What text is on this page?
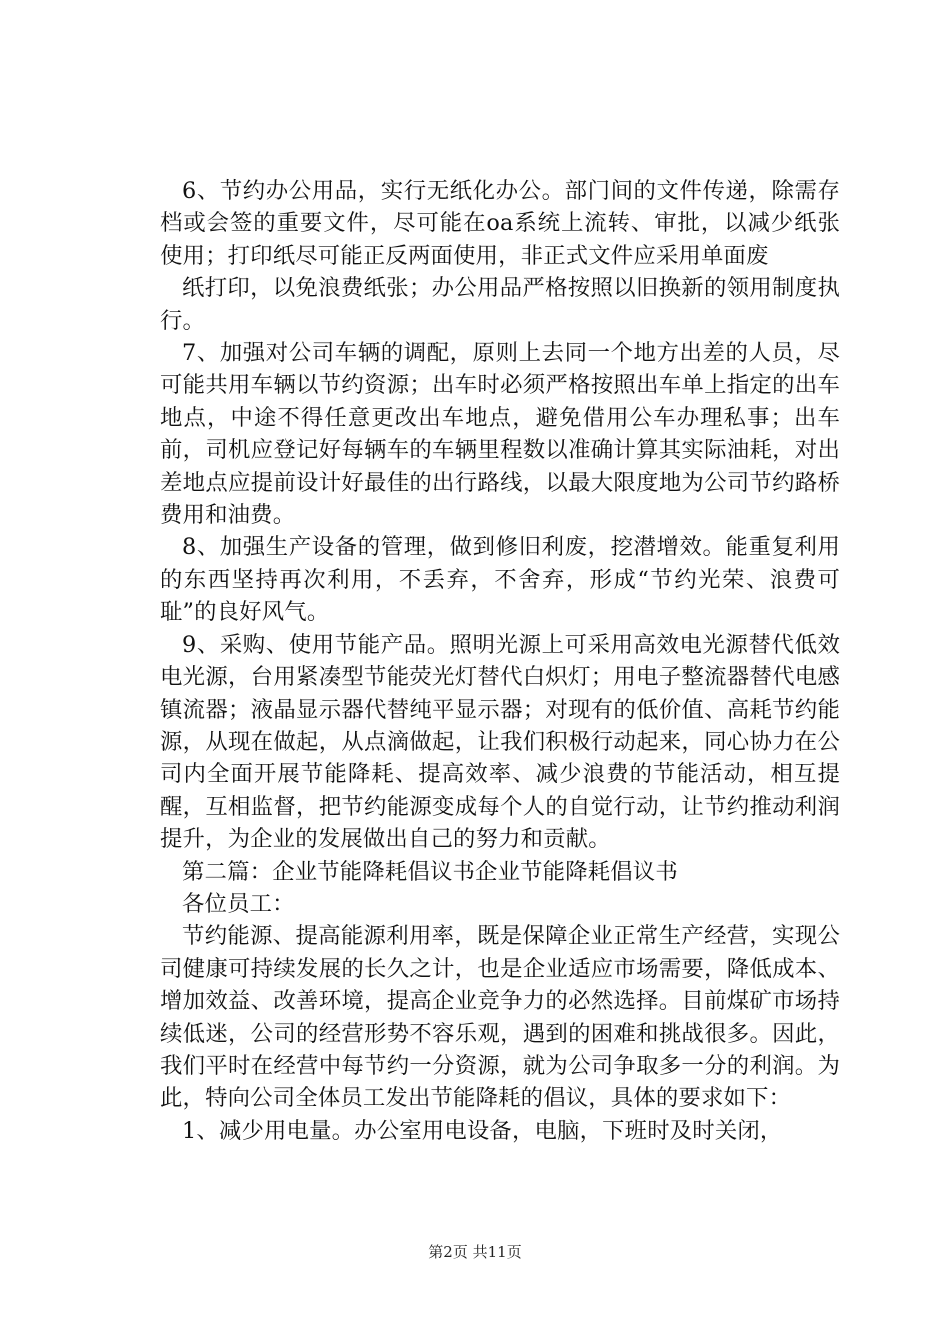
6、节约办公用品，实行无纸化办公。部门间的文件传递，除需存档或会签的重要文件，尽可能在oa系统上流转、审批，以减少纸张使用；打印纸尽可能正反两面使用，非正式文件应采用单面废

纸打印，以免浪费纸张；办公用品严格按照以旧换新的领用制度执行。

7、加强对公司车辆的调配，原则上去同一个地方出差的人员，尽可能共用车辆以节约资源；出车时必须严格按照出车单上指定的出车地点，中途不得任意更改出车地点，避免借用公车办理私事；出车前，司机应登记好每辆车的车辆里程数以准确计算其实际油耗，对出差地点应提前设计好最佳的出行路线，以最大限度地为公司节约路桥费用和油费。

8、加强生产设备的管理，做到修旧利废，挖潜增效。能重复利用的东西坚持再次利用，不丢弃，不舍弃，形成“节约光荣、浪费可耻”的良好风气。

9、采购、使用节能产品。照明光源上可采用高效电光源替代低效电光源，台用紧凑型节能荧光灯替代白炽灯；用电子整流器替代电感镇流器；液晶显示器代替纯平显示器；对现有的低价值、高耗节约能源，从现在做起，从点滴做起，让我们积极行动起来，同心协力在公司内全面开展节能降耗、提高效率、减少浪费的节能活动，相互提醒，互相监督，把节约能源变成每个人的自觉行动，让节约推动利润提升，为企业的发展做出自己的努力和贡献。

第二篇：企业节能降耗倡议书企业节能降耗倡议书

各位员工：

节约能源、提高能源利用率，既是保障企业正常生产经营，实现公司健康可持续发展的长久之计，也是企业适应市场需要，降低成本、增加效益、改善环境，提高企业竞争力的必然选择。目前煤矿市场持续低迷，公司的经营形势不容乐观，遇到的困难和挑战很多。因此，我们平时在经营中每节约一分资源，就为公司争取多一分的利润。为此，特向公司全体员工发出节能降耗的倡议，具体的要求如下：

1、减少用电量。办公室用电设备，电脑，下班时及时关闭，

第2页 共11页
